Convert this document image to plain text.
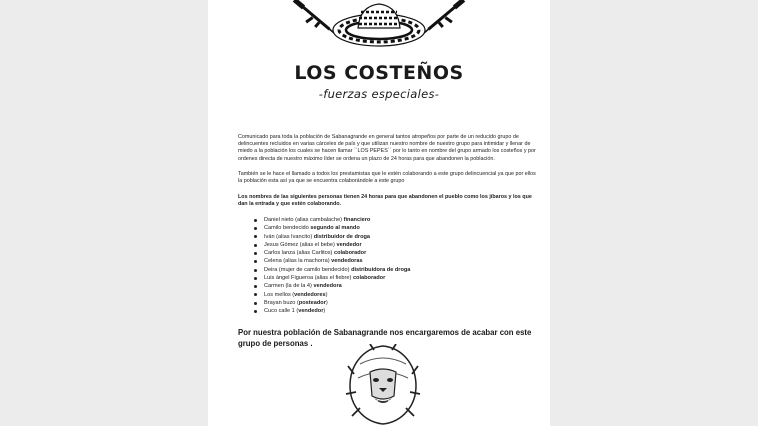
LOS COSTEÑOS
-fuerzas especiales-
Comunicado para toda la población de Sabanagrande en general tantos atropeños por parte de un reducido grupo de delincuentes recluidos en varias cárceles de país y que utilizan nuestro nombre de nuestro grupo para intimidar y llenar de miedo a la población los cuales se hacen llamar ``LOS PEPES´´ por lo tanto en nombre del grupo armado los costeños y por ordenes directa de nuestro máximo líder se ordena un plazo de 24 horas para que abandonen la población.
También se le hace el llamado a todos los prestamistas que le estén colaborando a este grupo delincuencial ya que por ellos la población esta así ya que se encuentra colaborándole a este grupo
Los nombres de las siguientes personas tienen 24 horas para que abandonen el pueblo como los jíbaros y los que dan la entrada y que estén colaborando.
Daniel nieto (alias cambalache) financiero
Camilo bendecido segundo al mando
Iván (alias Ivancito) distribuidor de droga
Jesus Gómez (alias el bebe) vendedor
Carlos lanza (alias Carlitos) colaborador
Celena (alias la machorra) vendedoras
Deira (mujer de camilo bendecido) distribuidora de droga
Luis ángel Figueroa (alias el fiebre) colaborador
Carmen (la de la 4) vendedora
Los mellos (vendedores)
Brayan buzo (posteador)
Cuco calle 1 (vendedor)
Por nuestra población de Sabanagrande nos encargaremos de acabar con este grupo de personas .
